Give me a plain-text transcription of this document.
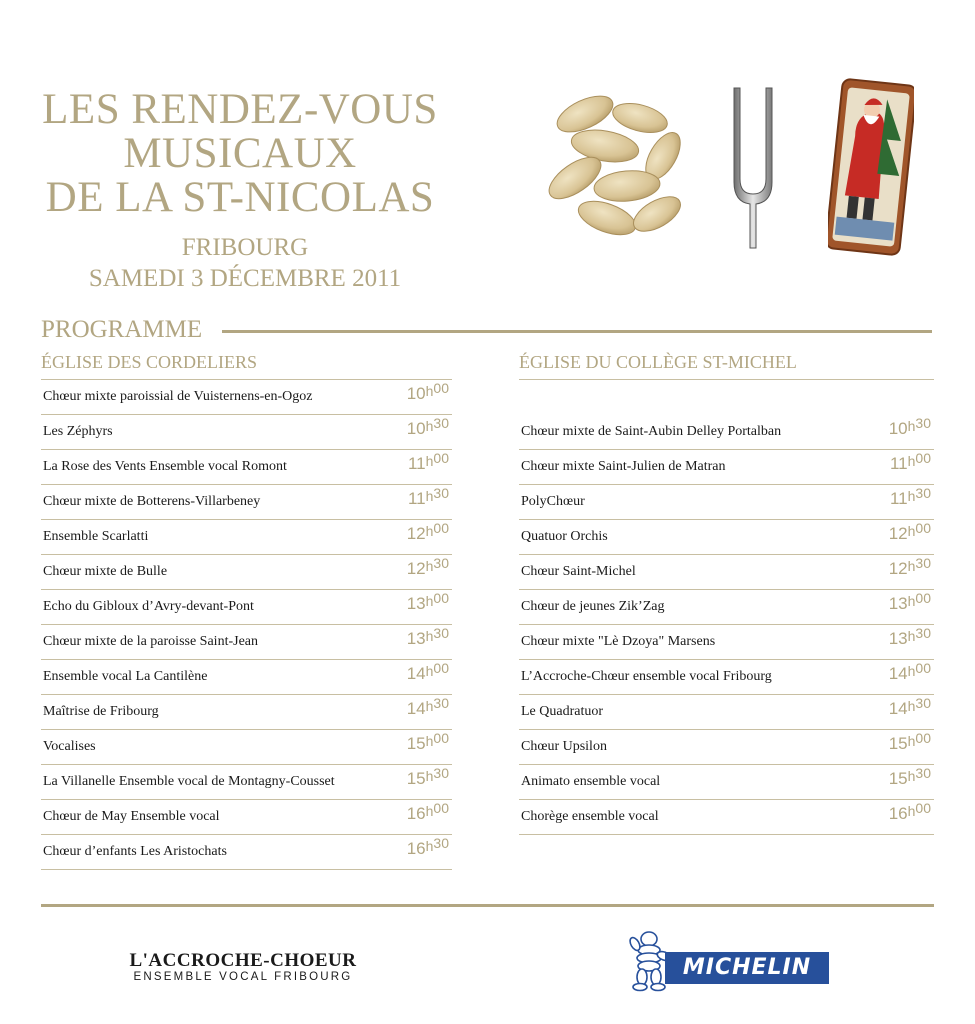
LES RENDEZ-VOUS
MUSICAUX
DE LA ST-NICOLAS
FRIBOURG
SAMEDI 3 DÉCEMBRE 2011
PROGRAMME
ÉGLISE DES CORDELIERS
Chœur mixte paroissial de Vuisternens-en-Ogoz	$10h^{00}$
Les Zéphyrs	$10h^{30}$
La Rose des Vents Ensemble vocal Romont	$11h^{00}$
Chœur mixte de Botterens-Villarbeney	$11h^{30}$
Ensemble Scarlatti	$12h^{00}$
Chœur mixte de Bulle	$12h^{30}$
Echo du Gibloux d’Avry-devant-Pont	$13h^{00}$
Chœur mixte de la paroisse Saint-Jean	$13h^{30}$
Ensemble vocal La Cantilène	$14h^{00}$
Maîtrise de Fribourg	$14h^{30}$
Vocalises	$15h^{00}$
La Villanelle Ensemble vocal de Montagny-Cousset	$15h^{30}$
Chœur de May Ensemble vocal	$16h^{00}$
Chœur d’enfants Les Aristochats	$16h^{30}$
ÉGLISE DU COLLÈGE ST-MICHEL
Chœur mixte de Saint-Aubin Delley Portalban	$10h^{30}$
Chœur mixte Saint-Julien de Matran	$11h^{00}$
PolyChœur	$11h^{30}$
Quatuor Orchis	$12h^{00}$
Chœur Saint-Michel	$12h^{30}$
Chœur de jeunes Zik’Zag	$13h^{00}$
Chœur mixte "Lè Dzoya" Marsens	$13h^{30}$
L’Accroche-Chœur ensemble vocal Fribourg	$14h^{00}$
Le Quadratuor	$14h^{30}$
Chœur Upsilon	$15h^{00}$
Animato ensemble vocal	$15h^{30}$
Chorège ensemble vocal	$16h^{00}$
L'ACCROCHE-CHOEUR
ENSEMBLE VOCAL FRIBOURG	MICHELIN
